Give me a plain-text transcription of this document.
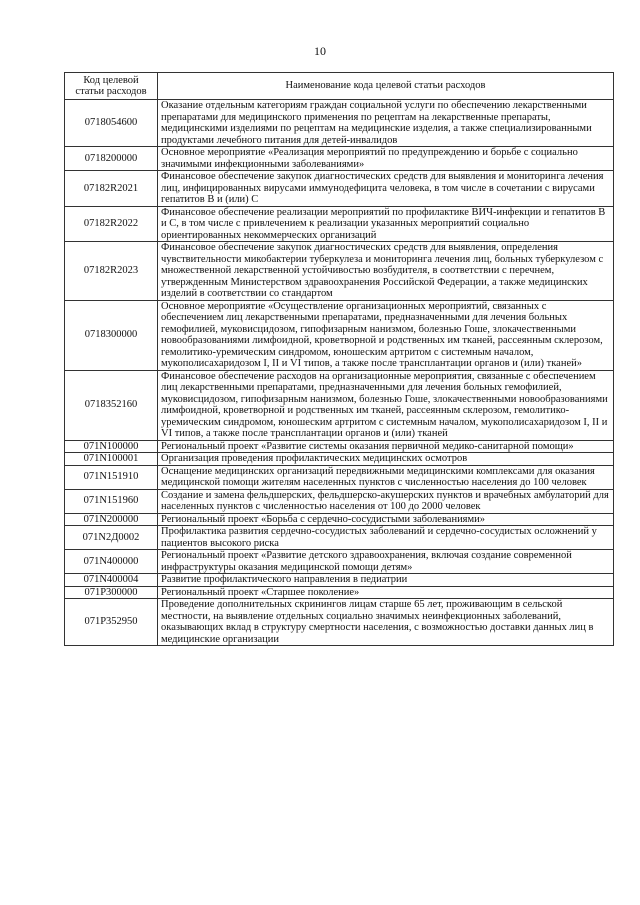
10
Код целевой статьи расходов	Наименование кода целевой статьи расходов
0718054600	Оказание отдельным категориям граждан социальной услуги по обеспечению лекарственными препаратами для медицинского применения по рецептам на лекарственные препараты, медицинскими изделиями по рецептам на медицинские изделия, а также специализированными продуктами лечебного питания для детей-инвалидов
0718200000	Основное мероприятие «Реализация мероприятий по предупреждению и борьбе с социально значимыми инфекционными заболеваниями»
07182R2021	Финансовое обеспечение закупок диагностических средств для выявления и мониторинга лечения лиц, инфицированных вирусами иммунодефицита человека, в том числе в сочетании с вирусами гепатитов В и (или) С
07182R2022	Финансовое обеспечение реализации мероприятий по профилактике ВИЧ-инфекции и гепатитов В и С, в том числе с привлечением к реализации указанных мероприятий социально ориентированных некоммерческих организаций
07182R2023	Финансовое обеспечение закупок диагностических средств для выявления, определения чувствительности микобактерии туберкулеза и мониторинга лечения лиц, больных туберкулезом с множественной лекарственной устойчивостью возбудителя, в соответствии с перечнем, утвержденным Министерством здравоохранения Российской Федерации, а также медицинских изделий в соответствии со стандартом
0718300000	Основное мероприятие «Осуществление организационных мероприятий, связанных с обеспечением лиц лекарственными препаратами, предназначенными для лечения больных гемофилией, муковисцидозом, гипофизарным нанизмом, болезнью Гоше, злокачественными новообразованиями лимфоидной, кроветворной и родственных им тканей, рассеянным склерозом, гемолитико-уремическим синдромом, юношеским артритом с системным началом, мукополисахаридозом I, II и VI типов, а также после трансплантации органов и (или) тканей»
0718352160	Финансовое обеспечение расходов на организационные мероприятия, связанные с обеспечением лиц лекарственными препаратами, предназначенными для лечения больных гемофилией, муковисцидозом, гипофизарным нанизмом, болезнью Гоше, злокачественными новообразованиями лимфоидной, кроветворной и родственных им тканей, рассеянным склерозом, гемолитико-уремическим синдромом, юношеским артритом с системным началом, мукополисахаридозом I, II и VI типов, а также после трансплантации органов и (или) тканей
071N100000	Региональный проект «Развитие системы оказания первичной медико-санитарной помощи»
071N100001	Организация проведения профилактических медицинских осмотров
071N151910	Оснащение медицинских организаций передвижными медицинскими комплексами для оказания медицинской помощи жителям населенных пунктов с численностью населения до 100 человек
071N151960	Создание и замена фельдшерских, фельдшерско-акушерских пунктов и врачебных амбулаторий для населенных пунктов с численностью населения от 100 до 2000 человек
071N200000	Региональный проект «Борьба с сердечно-сосудистыми заболеваниями»
071N2Д0002	Профилактика развития сердечно-сосудистых заболеваний и сердечно-сосудистых осложнений у пациентов высокого риска
071N400000	Региональный проект «Развитие детского здравоохранения, включая создание современной инфраструктуры оказания медицинской помощи детям»
071N400004	Развитие профилактического направления в педиатрии
071P300000	Региональный проект «Старшее поколение»
071P352950	Проведение дополнительных скринингов лицам старше 65 лет, проживающим в сельской местности, на выявление отдельных социально значимых неинфекционных заболеваний, оказывающих вклад в структуру смертности населения, с возможностью доставки данных лиц в медицинские организации
